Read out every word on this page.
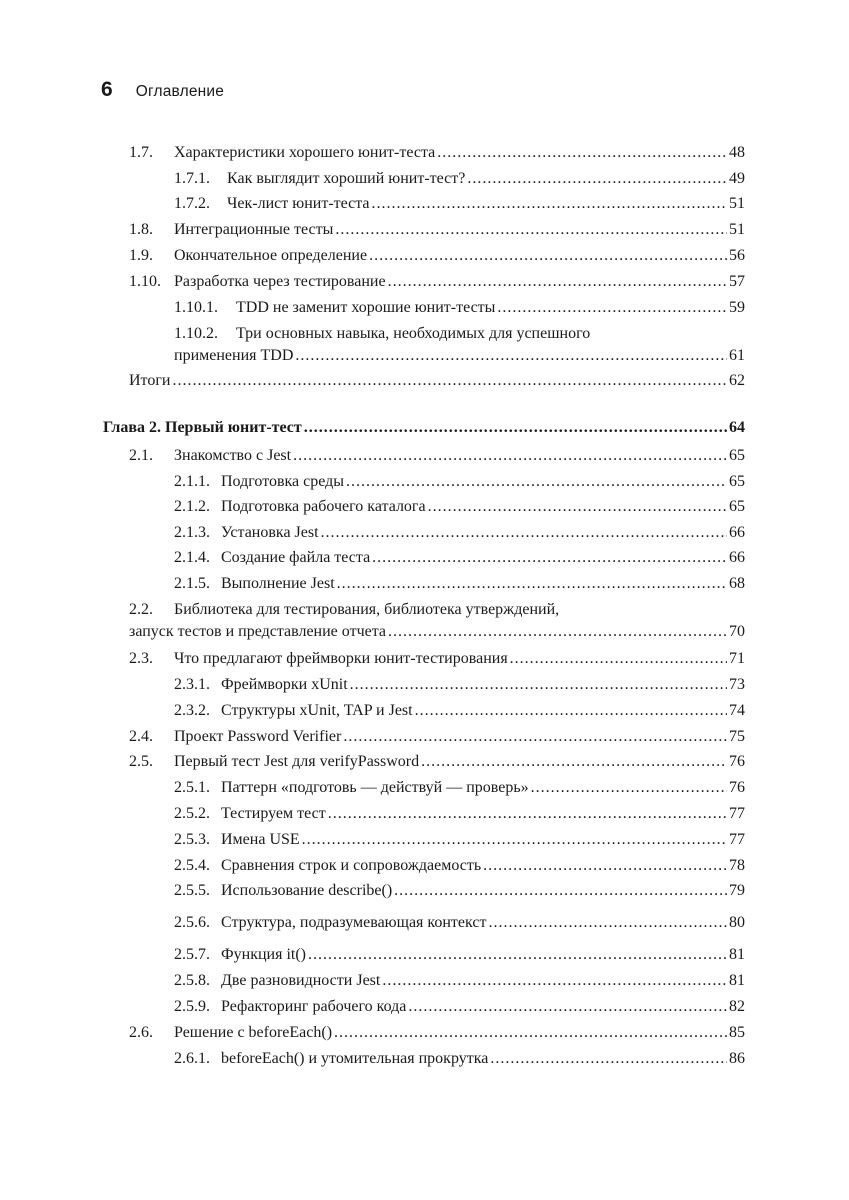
6 Оглавление
1.7. Характеристики хорошего юнит-теста . . .	48
1.7.1. Как выглядит хороший юнит-тест? . . .	49
1.7.2. Чек-лист юнит-теста . . .	51
1.8. Интеграционные тесты . . .	51
1.9. Окончательное определение . . .	56
1.10. Разработка через тестирование . . .	57
1.10.1. TDD не заменит хорошие юнит-тесты . . .	59
1.10.2. Три основных навыка, необходимых для успешного
применения TDD . . .	61
Итоги . . .	62
Глава 2. Первый юнит-тест . . .	64
2.1. Знакомство с Jest . . .	65
2.1.1. Подготовка среды . . .	65
2.1.2. Подготовка рабочего каталога . . .	65
2.1.3. Установка Jest . . .	66
2.1.4. Создание файла теста . . .	66
2.1.5. Выполнение Jest . . .	68
2.2. Библиотека для тестирования, библиотека утверждений,
запуск тестов и представление отчета . . .	70
2.3. Что предлагают фреймворки юнит-тестирования . . .	71
2.3.1. Фреймворки xUnit . . .	73
2.3.2. Структуры xUnit, TAP и Jest . . .	74
2.4. Проект Password Verifier . . .	75
2.5. Первый тест Jest для verifyPassword . . .	76
2.5.1. Паттерн «подготовь — действуй — проверь» . . .	76
2.5.2. Тестируем тест . . .	77
2.5.3. Имена USE . . .	77
2.5.4. Сравнения строк и сопровождаемость . . .	78
2.5.5. Использование describe() . . .	79
2.5.6. Структура, подразумевающая контекст . . .	80
2.5.7. Функция it() . . .	81
2.5.8. Две разновидности Jest . . .	81
2.5.9. Рефакторинг рабочего кода . . .	82
2.6. Решение с beforeEach() . . .	85
2.6.1. beforeEach() и утомительная прокрутка . . .	86
